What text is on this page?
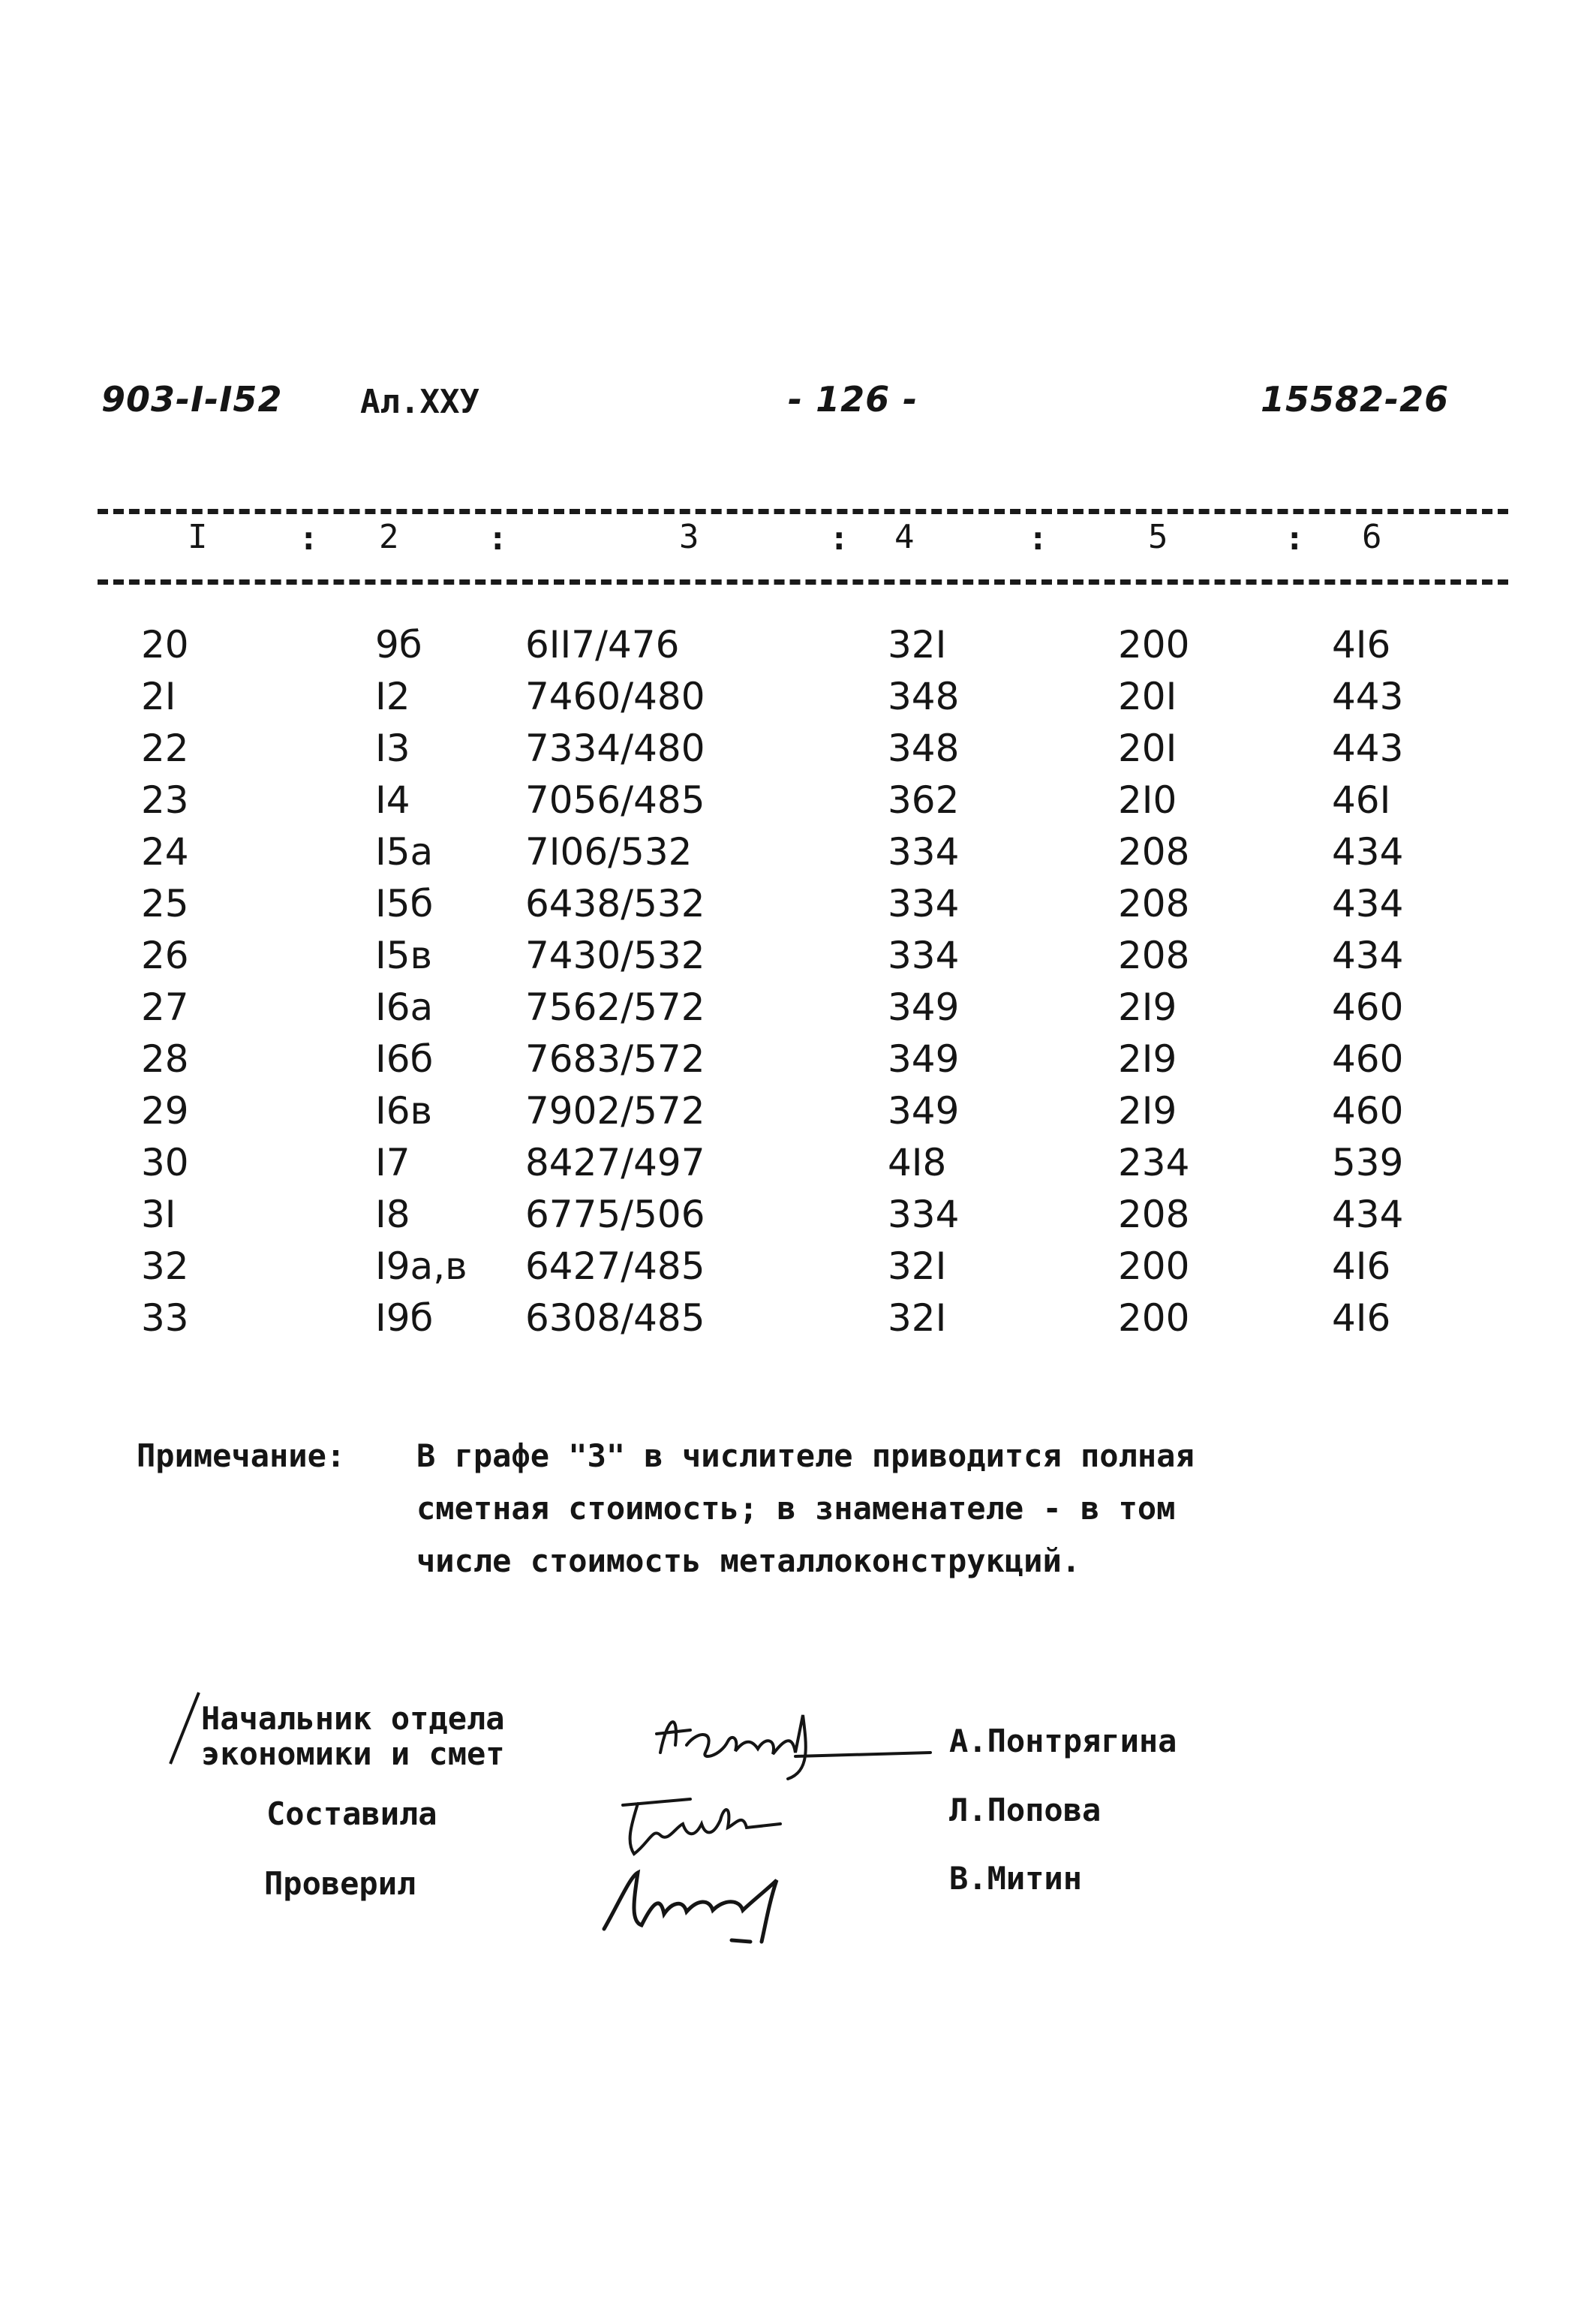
903-I-I52 Ал.XXУ	- 126 -	15582-26
I	: 2	:	3	: 4	:	5	: 6
20	9б	6II7/476	32I	200	4I6
2I	I2	7460/480	348	20I	443
22	I3	7334/480	348	20I	443
23	I4	7056/485	362	2I0	46I
24	I5а 7I06/532	334	208	434
25	I5б 6438/532	334	208	434
26	I5в 7430/532	334	208	434
27	I6а 7562/572	349	2I9	460
28	I6б 7683/572	349	2I9	460
29	I6в 7902/572	349	2I9	460
30	I7	8427/497	4I8	234	539
3I	I8	6775/506	334	208	434
32	I9а,в 6427/485	32I	200	4I6
33	I9б 6308/485	32I	200	4I6
Примечание: В графе "3" в числителе приводится полная
сметная стоимость; в знаменателе - в том
числе стоимость металлоконструкций.
Начальник отдела
экономики и смет
Составила
Проверил
А.Понтрягина
Л.Попова
В.Митин
